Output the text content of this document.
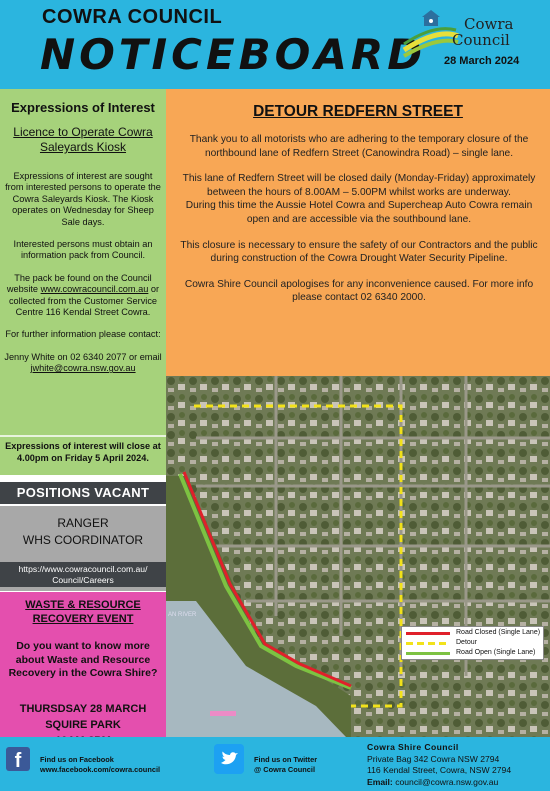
COWRA COUNCIL
NOTICEBOARD
Cowra
Council
28 March 2024
Expressions of Interest
Licence to Operate Cowra Saleyards Kiosk

Expressions of interest are sought from interested persons to operate the Cowra Saleyards Kiosk. The Kiosk operates on Wednesday for Sheep Sale days.

Interested persons must obtain an information pack from Council.

The pack be found on the Council website www.cowracouncil.com.au or collected from the Customer Service Centre 116 Kendal Street Cowra.

For further information please contact:

Jenny White on 02 6340 2077 or email jwhite@cowra.nsw.gov.au

Expressions of interest will close at 4.00pm on Friday 5 April 2024.
POSITIONS VACANT
RANGER
WHS COORDINATOR
https://www.cowracouncil.com.au/
Council/Careers
WASTE & RESOURCE
RECOVERY EVENT
Do you want to know more about Waste and Resource Recovery in the Cowra Shire?
THURSDSAY 28 MARCH
SQUIRE PARK
DETOUR REDFERN STREET

Thank you to all motorists who are adhering to the temporary closure of the northbound lane of Redfern Street (Canowindra Road) – single lane.

This lane of Redfern Street will be closed daily (Monday-Friday) approximately between the hours of 8.00AM – 5.00PM whilst works are underway.

During this time the Aussie Hotel Cowra and Supercheap Auto Cowra remain open and are accessible via the southbound lane.

This closure is necessary to ensure the safety of our Contractors and the public during construction of the Cowra Drought Water Security Pipeline.

Cowra Shire Council apologises for any inconvenience caused. For more info please contact 02 6340 2000.

AN RIVER
Road Closed (Single Lane)
Detour
Road Open (Single Lane)
f	Find us on Facebook
www.facebook.com/cowra.council
Find us on Twitter
@ Cowra Council
Cowra Shire Council
Private Bag 342 Cowra NSW 2794
116 Kendal Street, Cowra, NSW 2794
Email: council@cowra.nsw.gov.au
